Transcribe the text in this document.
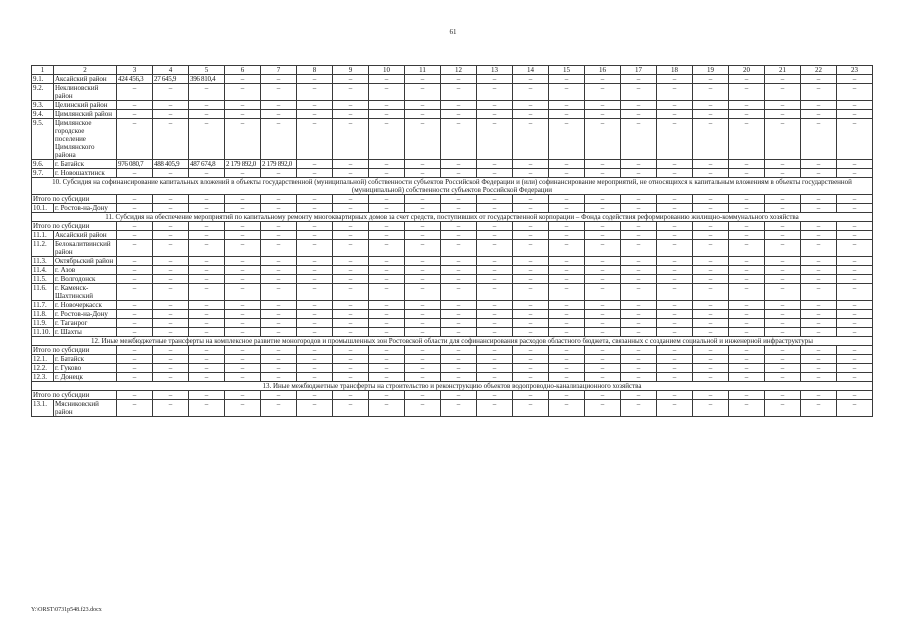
61
1	2	3	4	5	6	7	8	9	10	11	12	13	14	15	16	17	18	19	20	21	22	23
9.1.	Аксайский район	424 456,3	27 645,9	396 810,4	–	–	–	–	–	–	–	–	–	–	–	–	–	–	–	–	–	–
9.2.	Неклиновский район	–	–	–	–	–	–	–	–	–	–	–	–	–	–	–	–	–	–	–	–	–
9.3.	Целинский район	–	–	–	–	–	–	–	–	–	–	–	–	–	–	–	–	–	–	–	–	–
9.4.	Цимлянский район	–	–	–	–	–	–	–	–	–	–	–	–	–	–	–	–	–	–	–	–	–
9.5.	Цимлянское городское поселение Цимлянского района	–	–	–	–	–	–	–	–	–	–	–	–	–	–	–	–	–	–	–	–	–
9.6.	г. Батайск	976 080,7	488 405,9	487 674,8	2 179 892,0	2 179 892,0	–	–	–	–	–	–	–	–	–	–	–	–	–	–	–	–
9.7.	г. Новошахтинск	–	–	–	–	–	–	–	–	–	–	–	–	–	–	–	–	–	–	–	–	–
10. Субсидия на софинансирование капитальных вложений в объекты государственной (муниципальной) собственности субъектов Российской Федерации и (или) софинансирование мероприятий, не относящихся к капитальным вложениям в объекты государственной (муниципальной) собственности субъектов Российской Федерации																						
Итого по субсидии		–	–	–	–	–	–	–	–	–	–	–	–	–	–	–	–	–	–	–	–	–
10.1.	г. Ростов-на-Дону	–	–	–	–	–	–	–	–	–	–	–	–	–	–	–	–	–	–	–	–	–
11. Субсидия на обеспечение мероприятий по капитальному ремонту многоквартирных домов за счет средств, поступивших от государственной корпорации – Фонда содействия реформированию жилищно-коммунального хозяйства																						
Итого по субсидии		–	–	–	–	–	–	–	–	–	–	–	–	–	–	–	–	–	–	–	–	–
11.1.	Аксайский район	–	–	–	–	–	–	–	–	–	–	–	–	–	–	–	–	–	–	–	–	–
11.2.	Белокалитвинский район	–	–	–	–	–	–	–	–	–	–	–	–	–	–	–	–	–	–	–	–	–
11.3.	Октябрьский район	–	–	–	–	–	–	–	–	–	–	–	–	–	–	–	–	–	–	–	–	–
11.4.	г. Азов	–	–	–	–	–	–	–	–	–	–	–	–	–	–	–	–	–	–	–	–	–
11.5.	г. Волгодонск	–	–	–	–	–	–	–	–	–	–	–	–	–	–	–	–	–	–	–	–	–
11.6.	г. Каменск-Шахтинский	–	–	–	–	–	–	–	–	–	–	–	–	–	–	–	–	–	–	–	–	–
11.7.	г. Новочеркасск	–	–	–	–	–	–	–	–	–	–	–	–	–	–	–	–	–	–	–	–	–
11.8.	г. Ростов-на-Дону	–	–	–	–	–	–	–	–	–	–	–	–	–	–	–	–	–	–	–	–	–
11.9.	г. Таганрог	–	–	–	–	–	–	–	–	–	–	–	–	–	–	–	–	–	–	–	–	–
11.10.	г. Шахты	–	–	–	–	–	–	–	–	–	–	–	–	–	–	–	–	–	–	–	–	–
12. Иные межбюджетные трансферты на комплексное развитие моногородов и промышленных зон Ростовской области для софинансирования расходов областного бюджета, связанных с созданием социальной и инженерной инфраструктуры																						
Итого по субсидии		–	–	–	–	–	–	–	–	–	–	–	–	–	–	–	–	–	–	–	–	–
12.1.	г. Батайск	–	–	–	–	–	–	–	–	–	–	–	–	–	–	–	–	–	–	–	–	–
12.2.	г. Гуково	–	–	–	–	–	–	–	–	–	–	–	–	–	–	–	–	–	–	–	–	–
12.3.	г. Донецк	–	–	–	–	–	–	–	–	–	–	–	–	–	–	–	–	–	–	–	–	–
13. Иные межбюджетные трансферты на строительство и реконструкцию объектов водопроводно-канализационного хозяйства																						
Итого по субсидии		–	–	–	–	–	–	–	–	–	–	–	–	–	–	–	–	–	–	–	–	–
13.1.	Мясниковский район	–	–	–	–	–	–	–	–	–	–	–	–	–	–	–	–	–	–	–	–	–
Y:\ORST\0731p548.f23.docx
